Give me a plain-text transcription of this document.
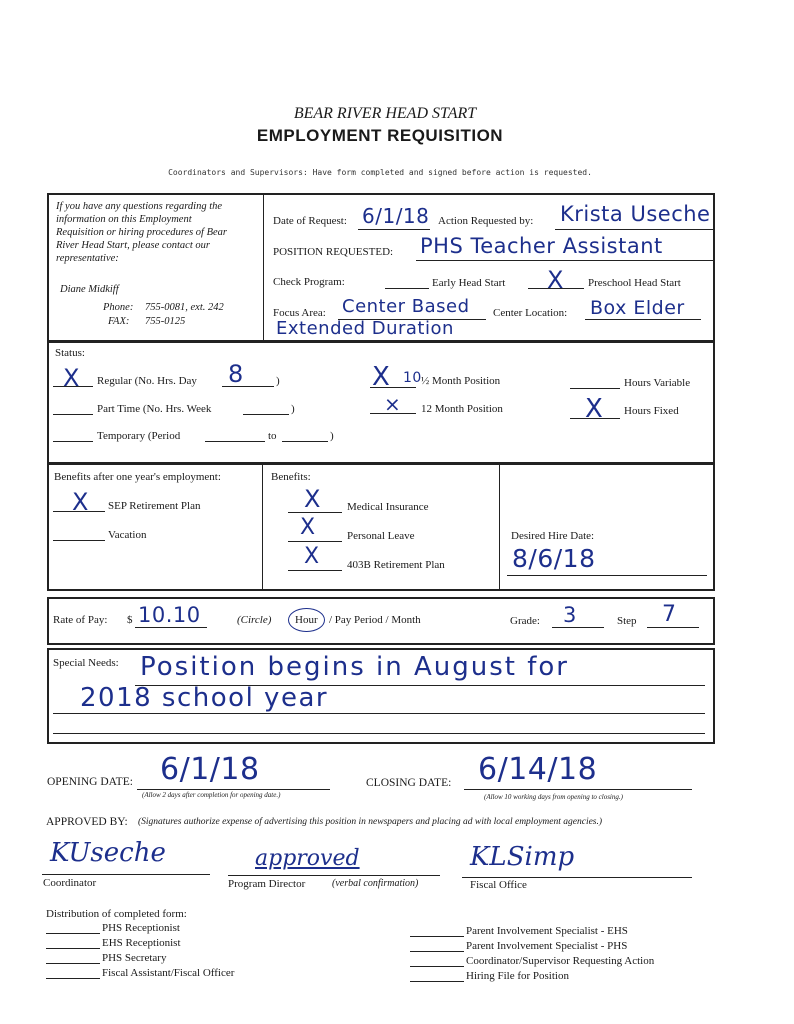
BEAR RIVER HEAD START
EMPLOYMENT REQUISITION
Coordinators and Supervisors: Have form completed and signed before action is requested.
If you have any questions regarding the
information on this Employment
Requisition or hiring procedures of Bear
River Head Start, please contact our
representative:
Diane Midkiff
Phone: 755-0081, ext. 242
FAX: 755-0125
Date of Request: 6/1/18 Action Requested by: Krista Useche
POSITION REQUESTED: PHS Teacher Assistant
Check Program:	Early Head Start X Preschool Head Start
Focus Area: Center Based
Extended Duration
Center Location: Box Elder
Status:
X Regular (No. Hrs. Day 8	)
Part Time (No. Hrs. Week	)
Temporary (Period	to	)
X 10 ½ Month Position
⨯ 12 Month Position
Hours Variable
X Hours Fixed
Benefits after one year's employment:
X SEP Retirement Plan
Vacation
Benefits:
X Medical Insurance
X	Personal Leave
X	403B Retirement Plan
Desired Hire Date:
8/6/18
Rate of Pay: $ 10.10	(Circle)	Hour	/ Pay Period / Month	Grade: 3	Step 7
Special Needs: Position begins in August for
2018 school year
OPENING DATE: 6/1/18
(Allow 2 days after completion for opening date.)
CLOSING DATE: 6/14/18
(Allow 10 working days from opening to closing.)
APPROVED BY: (Signatures authorize expense of advertising this position in newspapers and placing ad with local employment agencies.)
KUseche
Coordinator
approved
Program Director	(verbal confirmation)
KLSimp
Fiscal Office
Distribution of completed form:
PHS Receptionist
EHS Receptionist
PHS Secretary
Fiscal Assistant/Fiscal Officer
Parent Involvement Specialist - EHS
Parent Involvement Specialist - PHS
Coordinator/Supervisor Requesting Action
Hiring File for Position
